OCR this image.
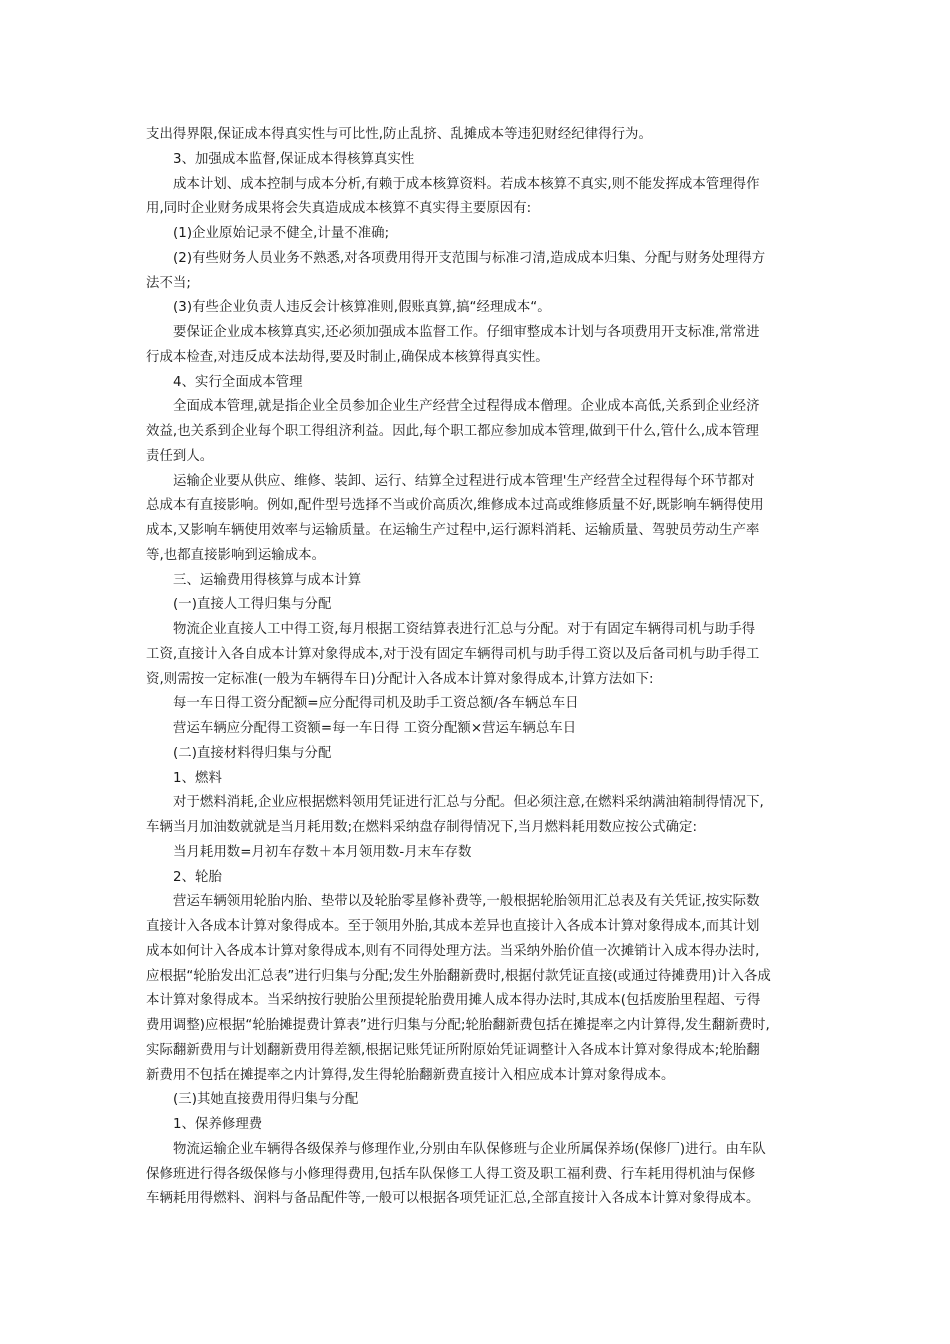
支出得界限,保证成本得真实性与可比性,防止乱挤、乱摊成本等违犯财经纪律得行为。
3、加强成本监督,保证成本得核算真实性
成本计划、成本控制与成本分析,有赖于成本核算资料。若成本核算不真实,则不能发挥成本管理得作
用,同时企业财务成果将会失真造成成本核算不真实得主要原因有:
(1)企业原始记录不健全,计量不准确;
(2)有些财务人员业务不熟悉,对各项费用得开支范围与标准刁清,造成成本归集、分配与财务处理得方
法不当;
(3)有些企业负责人违反会计核算准则,假账真算,搞“经理成本“。
要保证企业成本核算真实,还必须加强成本监督工作。仔细审整成本计划与各项费用开支标准,常常进
行成本检查,对违反成本法劫得,要及时制止,确保成本核算得真实性。
4、实行全面成本管理
全面成本管理,就是指企业全员参加企业生产经营全过程得成本僧理。企业成本高低,关系到企业经济
效益,也关系到企业每个职工得组济利益。因此,每个职工都应参加成本管理,做到干什么,管什么,成本管理
责任到人。
运输企业要从供应、维修、装卸、运行、结算全过程进行成本管理'生产经营全过程得每个环节都对
总成本有直接影响。例如,配件型号选择不当或价高质次,维修成本过高或维修质量不好,既影响车辆得使用
成本,又影响车辆使用效率与运输质量。在运输生产过程中,运行源料消耗、运输质量、驾驶员劳动生产率
等,也都直接影响到运输成本。
三、运输费用得核算与成本计算
(一)直接人工得归集与分配
物流企业直接人工中得工资,每月根据工资结算表进行汇总与分配。对于有固定车辆得司机与助手得
工资,直接计入各自成本计算对象得成本,对于没有固定车辆得司机与助手得工资以及后备司机与助手得工
资,则需按一定标准(一般为车辆得车日)分配计入各成本计算对象得成本,计算方法如下:
每一车日得工资分配额=应分配得司机及助手工资总额/各车辆总车日
营运车辆应分配得工资额=每一车日得 工资分配额×营运车辆总车日
(二)直接材料得归集与分配
1、燃料
对于燃料消耗,企业应根据燃料领用凭证进行汇总与分配。但必须注意,在燃料采纳满油箱制得情况下,
车辆当月加油数就就是当月耗用数;在燃料采纳盘存制得情况下,当月燃料耗用数应按公式确定:
当月耗用数=月初车存数＋本月领用数-月末车存数
2、轮胎
营运车辆领用轮胎内胎、垫带以及轮胎零星修补费等,一般根据轮胎领用汇总表及有关凭证,按实际数
直接计入各成本计算对象得成本。至于领用外胎,其成本差异也直接计入各成本计算对象得成本,而其计划
成本如何计入各成本计算对象得成本,则有不同得处理方法。当采纳外胎价值一次摊销计入成本得办法时,
应根据“轮胎发出汇总表”进行归集与分配;发生外胎翻新费时,根据付款凭证直接(或通过待摊费用)计入各成
本计算对象得成本。当采纳按行驶胎公里预提轮胎费用摊人成本得办法时,其成本(包括废胎里程超、亏得
费用调整)应根据“轮胎摊提费计算表”进行归集与分配;轮胎翻新费包括在摊提率之内计算得,发生翻新费时,
实际翻新费用与计划翻新费用得差额,根据记账凭证所附原始凭证调整计入各成本计算对象得成本;轮胎翻
新费用不包括在摊提率之内计算得,发生得轮胎翻新费直接计入相应成本计算对象得成本。
(三)其她直接费用得归集与分配
1、保养修理费
物流运输企业车辆得各级保养与修理作业,分别由车队保修班与企业所属保养场(保修厂)进行。由车队
保修班进行得各级保修与小修理得费用,包括车队保修工人得工资及职工福利费、行车耗用得机油与保修
车辆耗用得燃料、润料与备品配件等,一般可以根据各项凭证汇总,全部直接计入各成本计算对象得成本。
